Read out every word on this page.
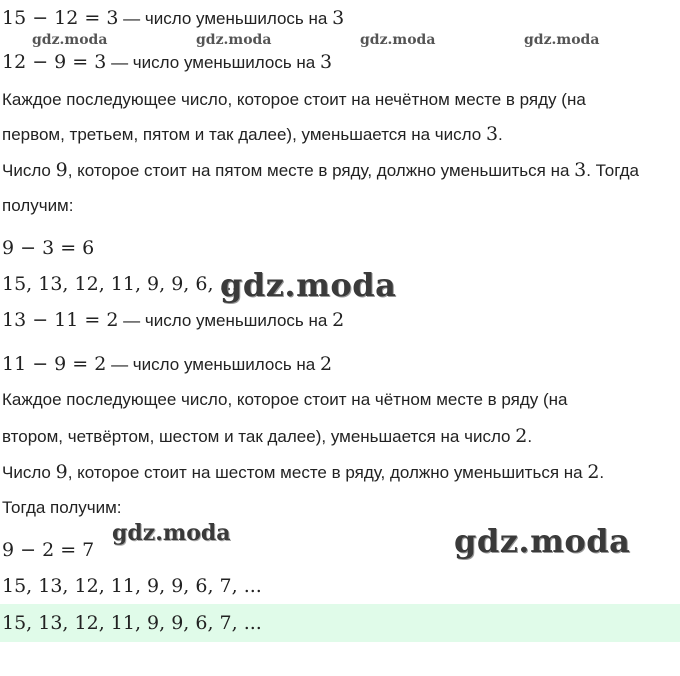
15 − 12 = 3 — число уменьшилось на 3
12 − 9 = 3 — число уменьшилось на 3
Каждое последующее число, которое стоит на нечётном месте в ряду (на
первом, третьем, пятом и так далее), уменьшается на число 3.
Число 9, которое стоит на пятом месте в ряду, должно уменьшиться на 3. Тогда
получим:
9 − 3 = 6
15, 13, 12, 11, 9, 9, 6, ...
13 − 11 = 2 — число уменьшилось на 2
11 − 9 = 2 — число уменьшилось на 2
Каждое последующее число, которое стоит на чётном месте в ряду (на
втором, четвёртом, шестом и так далее), уменьшается на число 2.
Число 9, которое стоит на шестом месте в ряду, должно уменьшиться на 2.
Тогда получим:
9 − 2 = 7
15, 13, 12, 11, 9, 9, 6, 7, ...
15, 13, 12, 11, 9, 9, 6, 7, ...
gdz.moda	gdz.moda	gdz.moda	gdz.moda
gdz.moda
gdz.moda	gdz.moda
